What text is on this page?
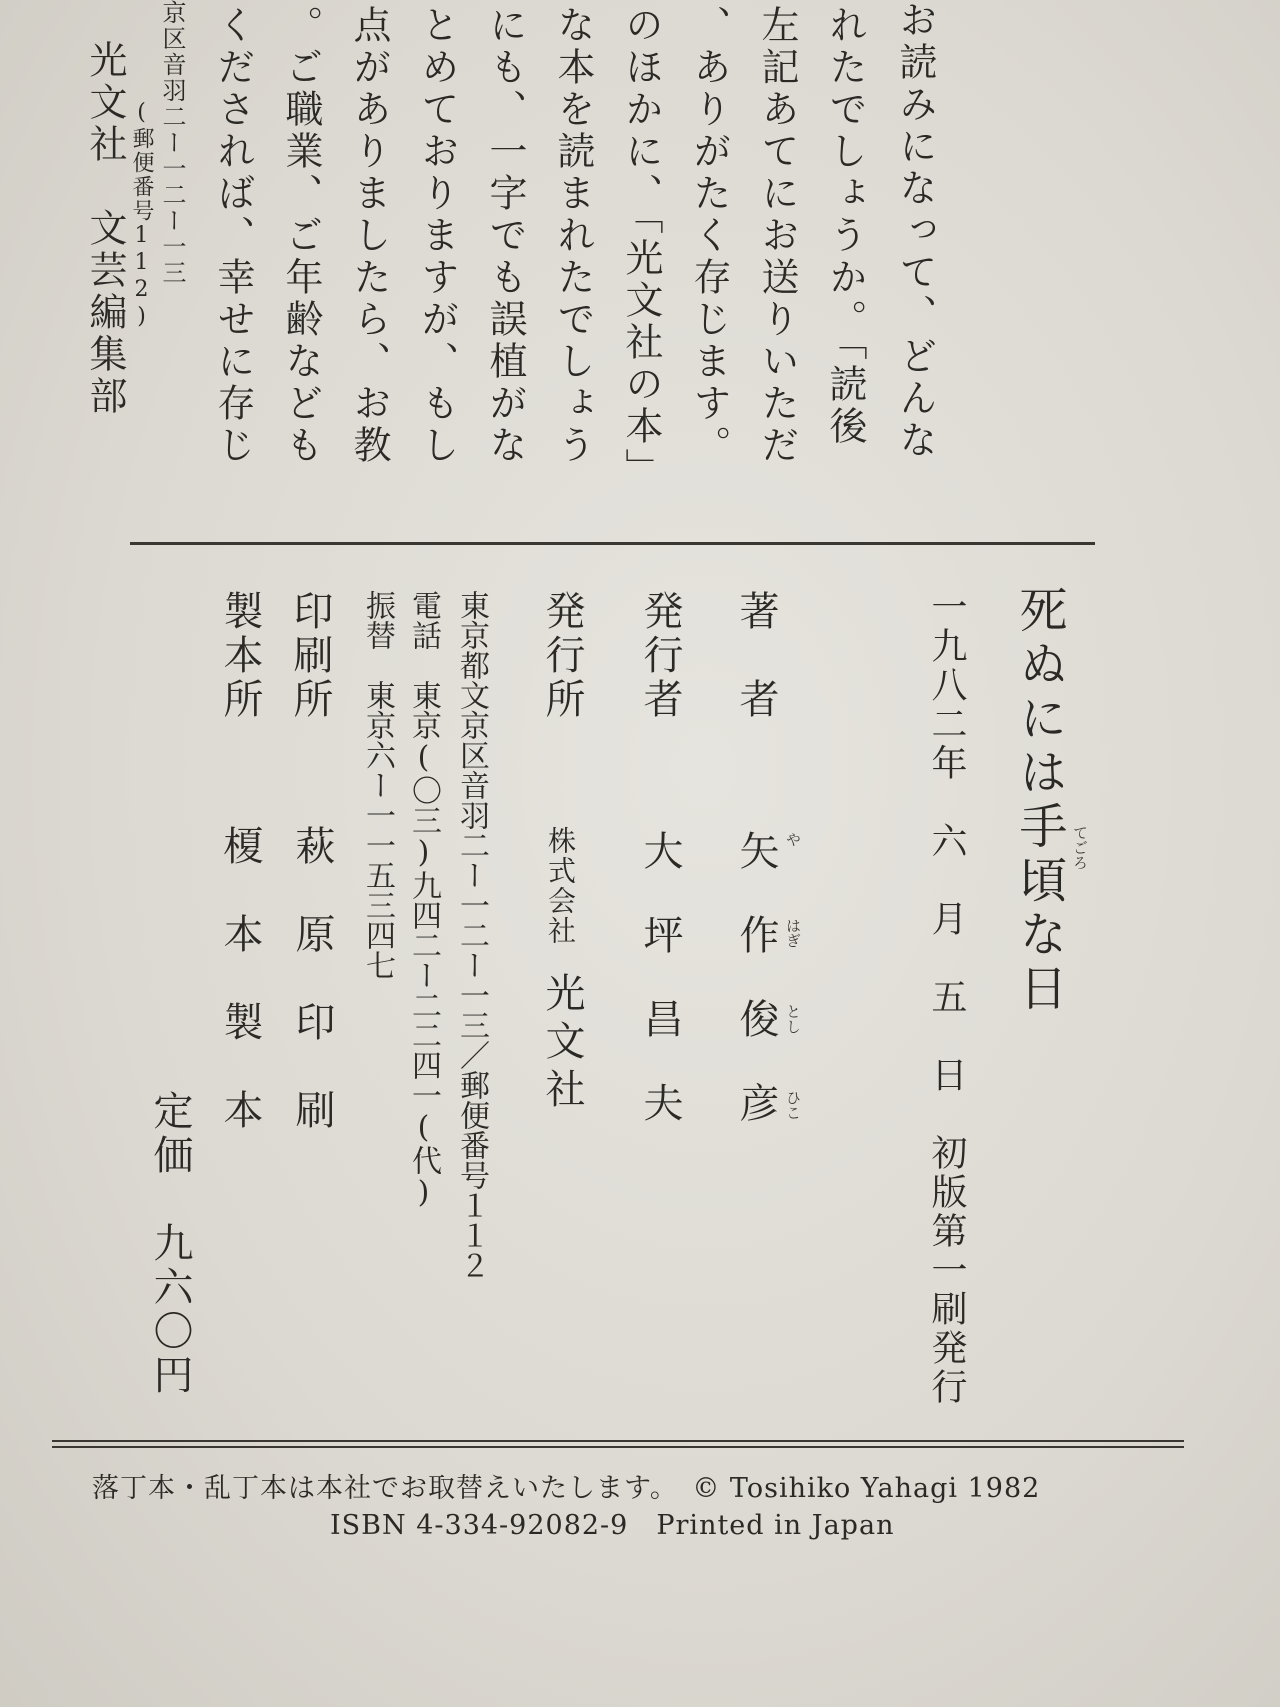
お読みになって、どんな
れたでしょうか。「読後
左記あてにお送りいただ
、ありがたく存じます。
のほかに、「光文社の本」
な本を読まれたでしょう
にも、一字でも誤植がな
とめておりますが、もし
点がありましたら、お教
。ご職業、ご年齢なども
くだされば、幸せに存じ
京区音羽二ー一二ー一三
(郵便番号112)
光文社　文芸編集部
死ぬには手頃な日 てごろ
一九八二年　六　月　五　日　初版第一刷発行
著　者
矢作俊彦 や
はぎ
とし
ひこ
発行者
大坪昌夫
発行所
株式会社
光文社
東京都文京区音羽二ー一二ー一三／郵便番号１１２
電話　東京(〇三)九四二ー二二四一(代)
振替　東京六ー一一五三四七
印刷所
萩原印刷
製本所
榎本製本
定価　九六〇円
落丁本・乱丁本は本社でお取替えいたします。　© Tosihiko Yahagi 1982
ISBN 4-334-92082-9　Printed in Japan
